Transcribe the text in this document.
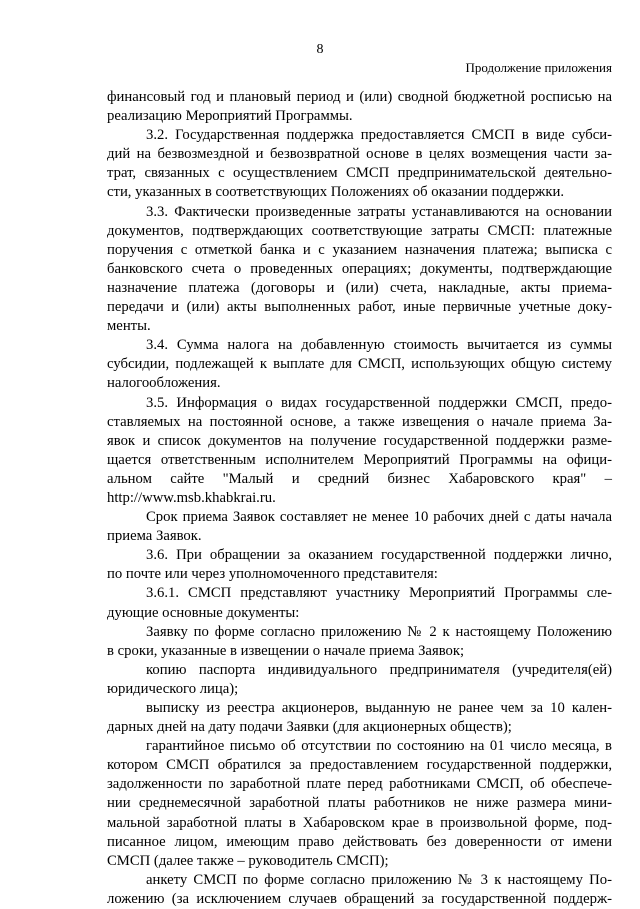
8
Продолжение приложения
финансовый год и плановый период и (или) сводной бюджетной росписью на
реализацию Мероприятий Программы.
3.2. Государственная поддержка предоставляется СМСП в виде субси-
дий на безвозмездной и безвозвратной основе в целях возмещения части за-
трат, связанных с осуществлением СМСП предпринимательской деятельно-
сти, указанных в соответствующих Положениях об оказании поддержки.
3.3. Фактически произведенные затраты устанавливаются на основании
документов, подтверждающих соответствующие затраты СМСП: платежные
поручения с отметкой банка и с указанием назначения платежа; выписка с
банковского счета о проведенных операциях; документы, подтверждающие
назначение платежа (договоры и (или) счета, накладные, акты приема-
передачи и (или) акты выполненных работ, иные первичные учетные доку-
менты.
3.4. Сумма налога на добавленную стоимость вычитается из суммы
субсидии, подлежащей к выплате для СМСП, использующих общую систему
налогообложения.
3.5. Информация о видах государственной поддержки СМСП, предо-
ставляемых на постоянной основе, а также извещения о начале приема За-
явок и список документов на получение государственной поддержки разме-
щается ответственным исполнителем Мероприятий Программы на офици-
альном сайте "Малый и средний бизнес Хабаровского края" –
http://www.msb.khabkrai.ru.
Срок приема Заявок составляет не менее 10 рабочих дней с даты начала
приема Заявок.
3.6. При обращении за оказанием государственной поддержки лично,
по почте или через уполномоченного представителя:
3.6.1. СМСП представляют участнику Мероприятий Программы сле-
дующие основные документы:
Заявку по форме согласно приложению № 2 к настоящему Положению
в сроки, указанные в извещении о начале приема Заявок;
копию паспорта индивидуального предпринимателя (учредителя(ей)
юридического лица);
выписку из реестра акционеров, выданную не ранее чем за 10 кален-
дарных дней на дату подачи Заявки (для акционерных обществ);
гарантийное письмо об отсутствии по состоянию на 01 число месяца, в
котором СМСП обратился за предоставлением государственной поддержки,
задолженности по заработной плате перед работниками СМСП, об обеспече-
нии среднемесячной заработной платы работников не ниже размера мини-
мальной заработной платы в Хабаровском крае в произвольной форме, под-
писанное лицом, имеющим право действовать без доверенности от имени
СМСП (далее также – руководитель СМСП);
анкету СМСП по форме согласно приложению № 3 к настоящему По-
ложению (за исключением случаев обращений за государственной поддерж-
